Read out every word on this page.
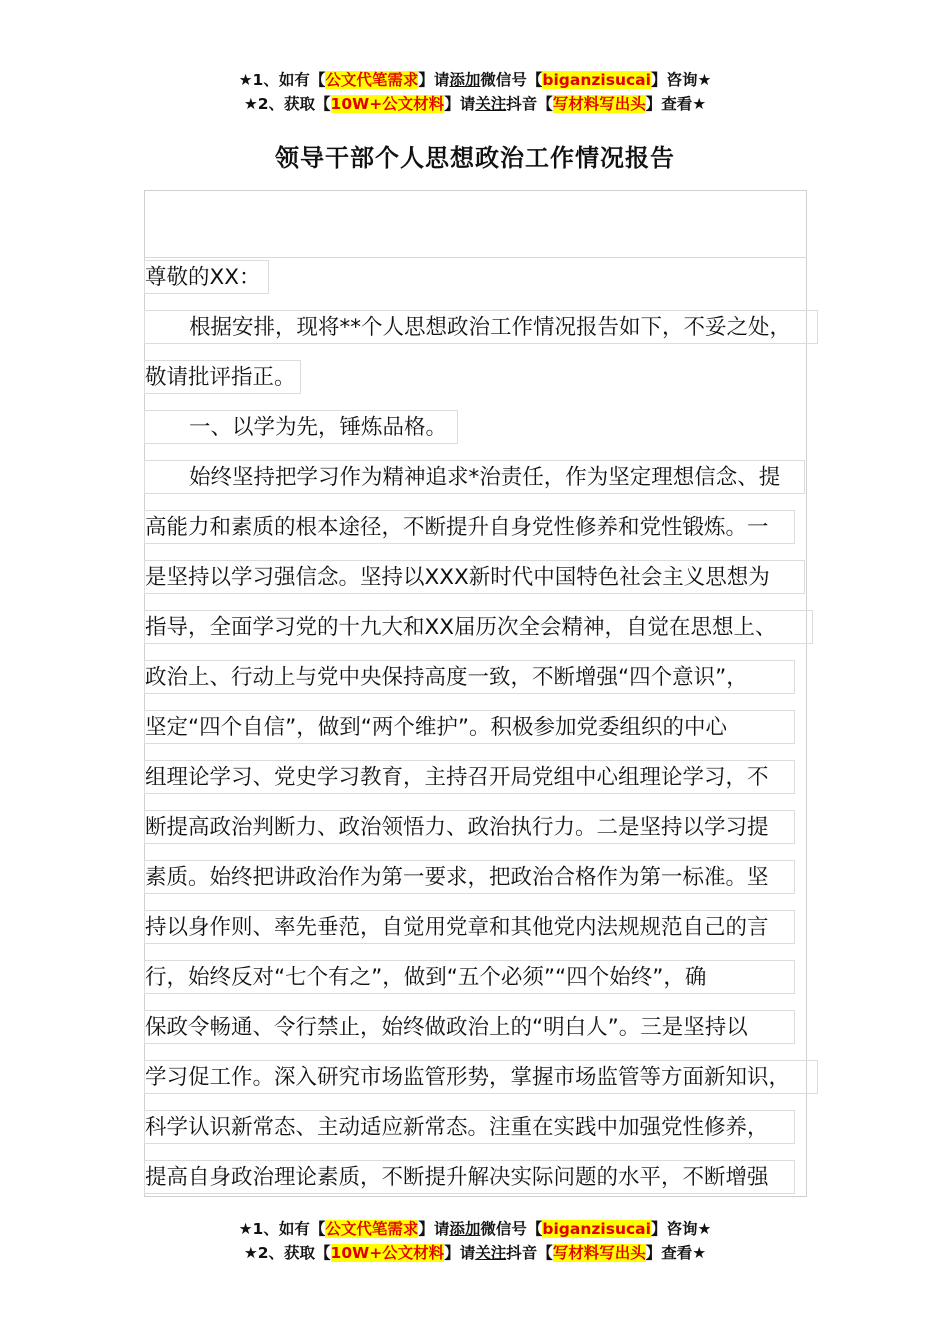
★1、如有【公文代笔需求】请添加微信号【biganzisucai】咨询★
★2、获取【10W+公文材料】请关注抖音【写材料写出头】查看★
领导干部个人思想政治工作情况报告
尊敬的XX：
根据安排，现将**个人思想政治工作情况报告如下，不妥之处，
敬请批评指正。
一、以学为先，锤炼品格。
始终坚持把学习作为精神追求*治责任，作为坚定理想信念、提
高能力和素质的根本途径，不断提升自身党性修养和党性锻炼。一
是坚持以学习强信念。坚持以XXX新时代中国特色社会主义思想为
指导，全面学习党的十九大和XX届历次全会精神，自觉在思想上、
政治上、行动上与党中央保持高度一致，不断增强“四个意识”，
坚定“四个自信”，做到“两个维护”。积极参加党委组织的中心
组理论学习、党史学习教育，主持召开局党组中心组理论学习，不
断提高政治判断力、政治领悟力、政治执行力。二是坚持以学习提
素质。始终把讲政治作为第一要求，把政治合格作为第一标准。坚
持以身作则、率先垂范，自觉用党章和其他党内法规规范自己的言
行，始终反对“七个有之”，做到“五个必须”“四个始终”，确
保政令畅通、令行禁止，始终做政治上的“明白人”。三是坚持以
学习促工作。深入研究市场监管形势，掌握市场监管等方面新知识，
科学认识新常态、主动适应新常态。注重在实践中加强党性修养，
提高自身政治理论素质，不断提升解决实际问题的水平，不断增强
★1、如有【公文代笔需求】请添加微信号【biganzisucai】咨询★
★2、获取【10W+公文材料】请关注抖音【写材料写出头】查看★
